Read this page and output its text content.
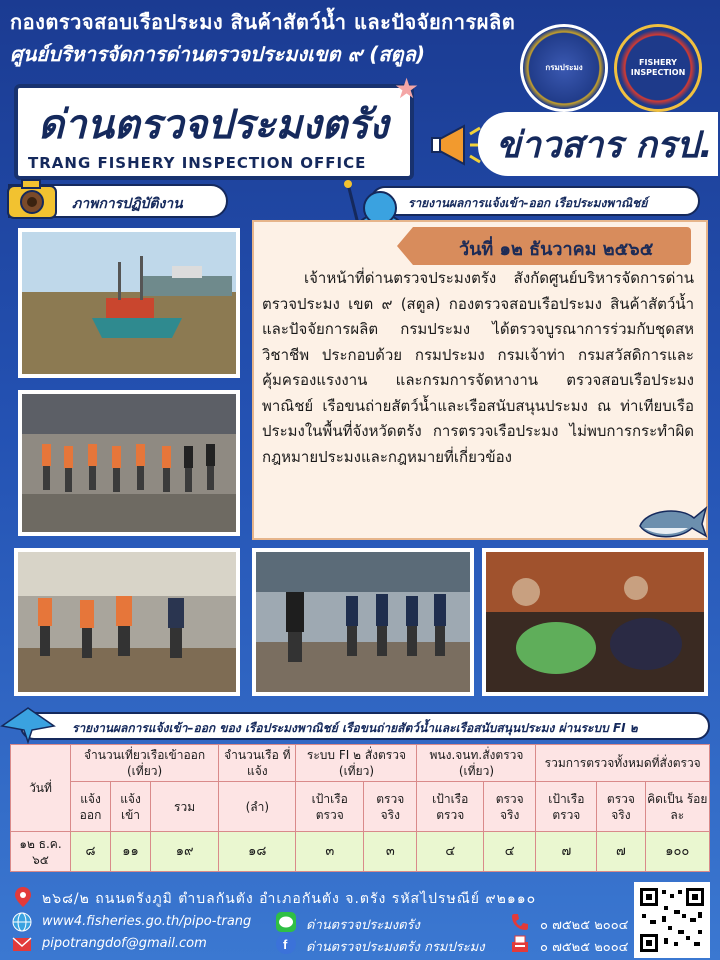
กองตรวจสอบเรือประมง สินค้าสัตว์น้ำ และปัจจัยการผลิต
ศูนย์บริหารจัดการด่านตรวจประมงเขต ๙ (สตูล)
กรมประมง
FISHERY INSPECTION
ด่านตรวจประมงตรัง
TRANG FISHERY INSPECTION OFFICE
★
ข่าวสาร กรป.
ภาพการปฏิบัติงาน	รายงานผลการแจ้งเข้า-ออก เรือประมงพาณิชย์
วันที่ ๑๒ ธันวาคม ๒๕๖๕
เจ้าหน้าที่ด่านตรวจประมงตรัง สังกัดศูนย์บริหารจัดการด่านตรวจประมง เขต ๙ (สตูล) กองตรวจสอบเรือประมง สินค้าสัตว์น้ำ และปัจจัยการผลิต กรมประมง ได้ตรวจบูรณาการร่วมกับชุดสหวิชาชีพ ประกอบด้วย กรมประมง กรมเจ้าท่า กรมสวัสดิการและคุ้มครองแรงงาน และกรมการจัดหางาน ตรวจสอบเรือประมงพาณิชย์ เรือขนถ่ายสัตว์น้ำและเรือสนับสนุนประมง ณ ท่าเทียบเรือประมงในพื้นที่จังหวัดตรัง การตรวจเรือประมง ไม่พบการกระทำผิดกฎหมายประมงและกฎหมายที่เกี่ยวข้อง
รายงานผลการแจ้งเข้า–ออก ของ เรือประมงพาณิชย์ เรือขนถ่ายสัตว์น้ำและเรือสนับสนุนประมง ผ่านระบบ FI ๒
วันที่	จำนวนเที่ยวเรือเข้าออก (เที่ยว)			จำนวนเรือ ที่แจ้ง	ระบบ FI ๒ สั่งตรวจ (เที่ยว)		พนง.จนท.สั่งตรวจ (เที่ยว)		รวมการตรวจทั้งหมดที่สั่งตรวจ		
	แจ้ง ออก	แจ้ง เข้า	รวม	(ลำ)	เป้าเรือ ตรวจ	ตรวจ จริง	เป้าเรือ ตรวจ	ตรวจ จริง	เป้าเรือ ตรวจ	ตรวจ จริง	คิดเป็น ร้อยละ
๑๒ ธ.ค. ๖๕	๘	๑๑	๑๙	๑๘	๓	๓	๔	๔	๗	๗	๑๐๐
๒๖๘/๒ ถนนตรังภูมิ ตำบลกันตัง อำเภอกันตัง จ.ตรัง รหัสไปรษณีย์ ๙๒๑๑๐
www4.fisheries.go.th/pipo-trang
pipotrangdof@gmail.com
ด่านตรวจประมงตรัง
f ด่านตรวจประมงตรัง กรมประมง
๐ ๗๕๒๕ ๒๐๐๔
๐ ๗๕๒๕ ๒๐๐๔
